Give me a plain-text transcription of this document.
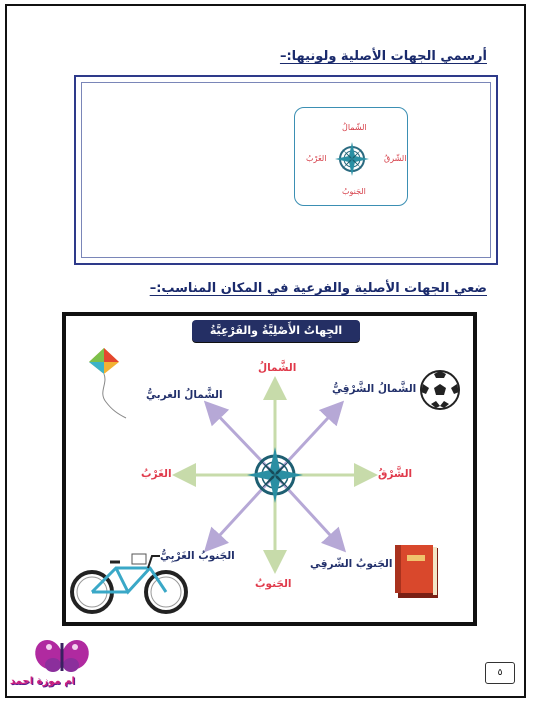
أرسمي الجهات الأصلية ولونيها:–
الشّمالُ
الجَنوبُ
الشّرقُ
الغَرْبُ
ضعي الجهات الأصلية والفرعية في المكان المناسب:–
الجِهاتُ الأَصْلِيَّةُ والفَرْعِيَّةُ
الشَّمالُ
الجَنوبُ
الشَّرْقُ
الغَرْبُ
الشَّمالُ الشَّرْقِيُّ
الشَّمالُ الغربيُّ
الجَنوبُ الشّرقِي
الجَنوبُ الغَرْبِيُّ
٥
ام موزة احمد
